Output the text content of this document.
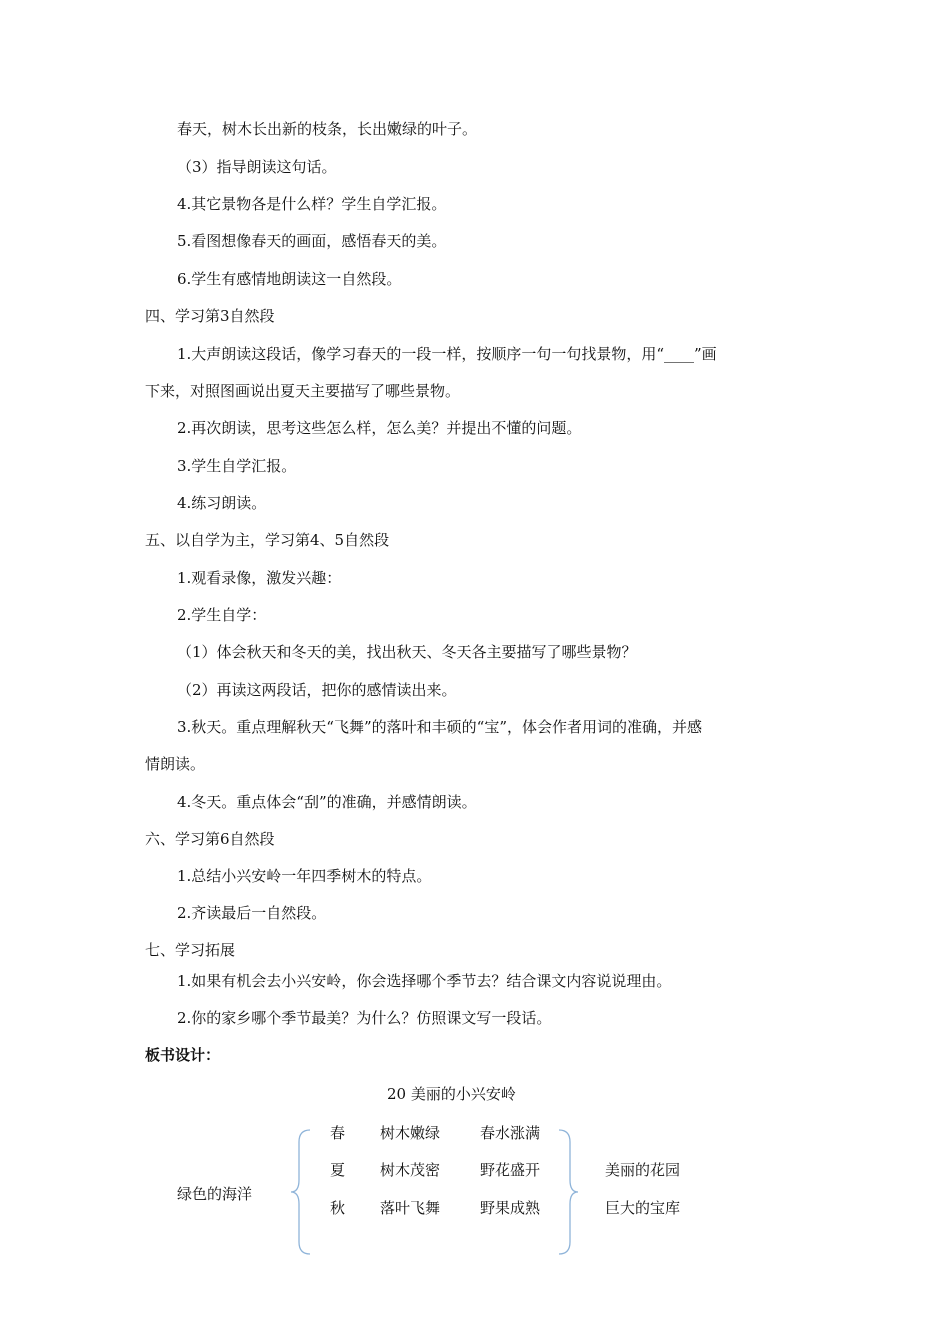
春天，树木长出新的枝条，长出嫩绿的叶子。
（3）指导朗读这句话。
4.其它景物各是什么样？学生自学汇报。
5.看图想像春天的画面，感悟春天的美。
6.学生有感情地朗读这一自然段。
四、学习第3自然段
1.大声朗读这段话，像学习春天的一段一样，按顺序一句一句找景物，用“____”画
下来，对照图画说出夏天主要描写了哪些景物。
2.再次朗读，思考这些怎么样，怎么美？并提出不懂的问题。
3.学生自学汇报。
4.练习朗读。
五、以自学为主，学习第4、5自然段
1.观看录像，激发兴趣：
2.学生自学：
（1）体会秋天和冬天的美，找出秋天、冬天各主要描写了哪些景物？
（2）再读这两段话，把你的感情读出来。
3.秋天。重点理解秋天“飞舞”的落叶和丰硕的“宝”，体会作者用词的准确，并感
情朗读。
4.冬天。重点体会“刮”的准确，并感情朗读。
六、学习第6自然段
1.总结小兴安岭一年四季树木的特点。
2.齐读最后一自然段。
七、学习拓展
1.如果有机会去小兴安岭，你会选择哪个季节去？结合课文内容说说理由。
2.你的家乡哪个季节最美？为什么？仿照课文写一段话。
板书设计：
20 美丽的小兴安岭
绿色的海洋
春 树木嫩绿	春水涨满
夏 树木茂密	野花盛开
秋 落叶飞舞	野果成熟
美丽的花园
巨大的宝库
